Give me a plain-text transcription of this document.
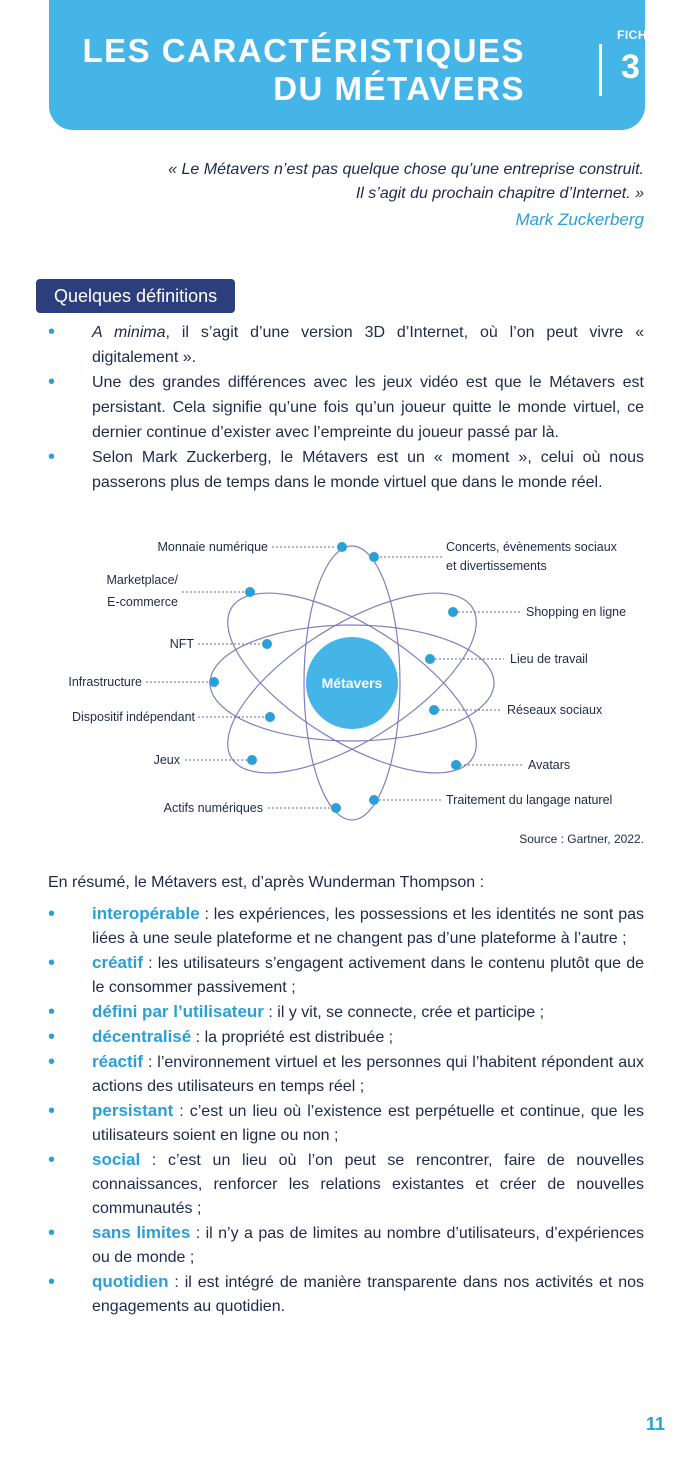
LES CARACTÉRISTIQUES
DU MÉTAVERS
FICHE
3
« Le Métavers n’est pas quelque chose qu’une entreprise construit.
Il s’agit du prochain chapitre d’Internet. »
Mark Zuckerberg
Quelques définitions
• A minima, il s’agit d’une version 3D d’Internet, où l’on peut vivre « digitalement ».
• Une des grandes différences avec les jeux vidéo est que le Métavers est persistant. Cela signifie qu’une fois qu’un joueur quitte le monde virtuel, ce dernier continue d’exister avec l’empreinte du joueur passé par là.
• Selon Mark Zuckerberg, le Métavers est un « moment », celui où nous passerons plus de temps dans le monde virtuel que dans le monde réel.
Métavers
Monnaie numérique
Marketplace/
E-commerce
NFT
Infrastructure
Dispositif indépendant
Jeux
Actifs numériques
Concerts, évènements sociaux
et divertissements
Shopping en ligne
Lieu de travail
Réseaux sociaux
Avatars
Traitement du langage naturel
Source : Gartner, 2022.
En résumé, le Métavers est, d’après Wunderman Thompson :
• interopérable : les expériences, les possessions et les identités ne sont pas liées à une seule plateforme et ne changent pas d’une plateforme à l’autre ;
• créatif : les utilisateurs s’engagent activement dans le contenu plutôt que de le consommer passivement ;
• défini par l’utilisateur : il y vit, se connecte, crée et participe ;
• décentralisé : la propriété est distribuée ;
• réactif : l’environnement virtuel et les personnes qui l’habitent répondent aux actions des utilisateurs en temps réel ;
• persistant : c’est un lieu où l’existence est perpétuelle et continue, que les utilisateurs soient en ligne ou non ;
• social : c’est un lieu où l’on peut se rencontrer, faire de nouvelles connaissances, renforcer les relations existantes et créer de nouvelles communautés ;
• sans limites : il n’y a pas de limites au nombre d’utilisateurs, d’expériences ou de monde ;
• quotidien : il est intégré de manière transparente dans nos activités et nos engagements au quotidien.
11
